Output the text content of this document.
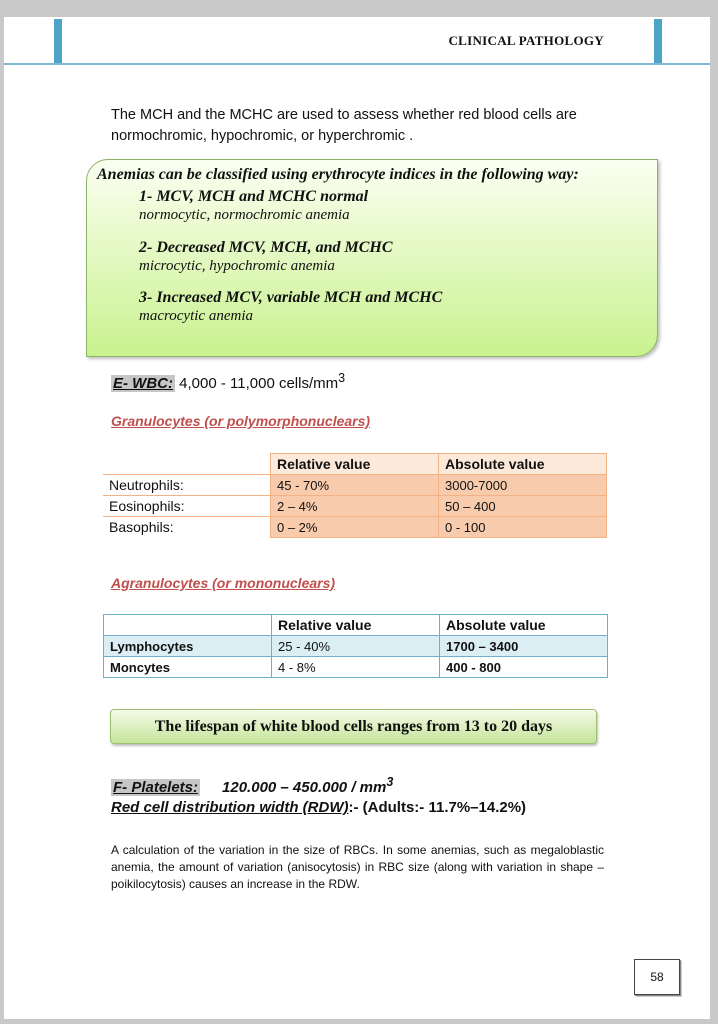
CLINICAL PATHOLOGY
The MCH and the MCHC are used to assess whether red blood cells are normochromic, hypochromic, or hyperchromic .
Anemias can be classified using erythrocyte indices in the following way:
1- MCV, MCH and MCHC normal
normocytic, normochromic anemia
2- Decreased MCV, MCH, and MCHC
microcytic, hypochromic anemia
3- Increased MCV, variable MCH and MCHC
macrocytic anemia
E- WBC: 4,000 - 11,000 cells/$mm^3$
Granulocytes (or polymorphonuclears)
	Relative value	Absolute value
Neutrophils:	45 - 70%	3000-7000
Eosinophils:	2 – 4%	50 – 400
Basophils:	0 – 2%	0 - 100
Agranulocytes (or mononuclears)
	Relative value	Absolute value
Lymphocytes	25 - 40%	1700 – 3400
Moncytes	4 - 8%	400 - 800
The lifespan of white blood cells ranges from 13 to 20 days
F- Platelets: $120.000 - 450.000 / mm^3$
Red cell distribution width (RDW):- (Adults:- 11.7%–14.2%)
A calculation of the variation in the size of RBCs. In some anemias, such as megaloblastic anemia, the amount of variation (anisocytosis) in RBC size (along with variation in shape – poikilocytosis) causes an increase in the RDW.
58
